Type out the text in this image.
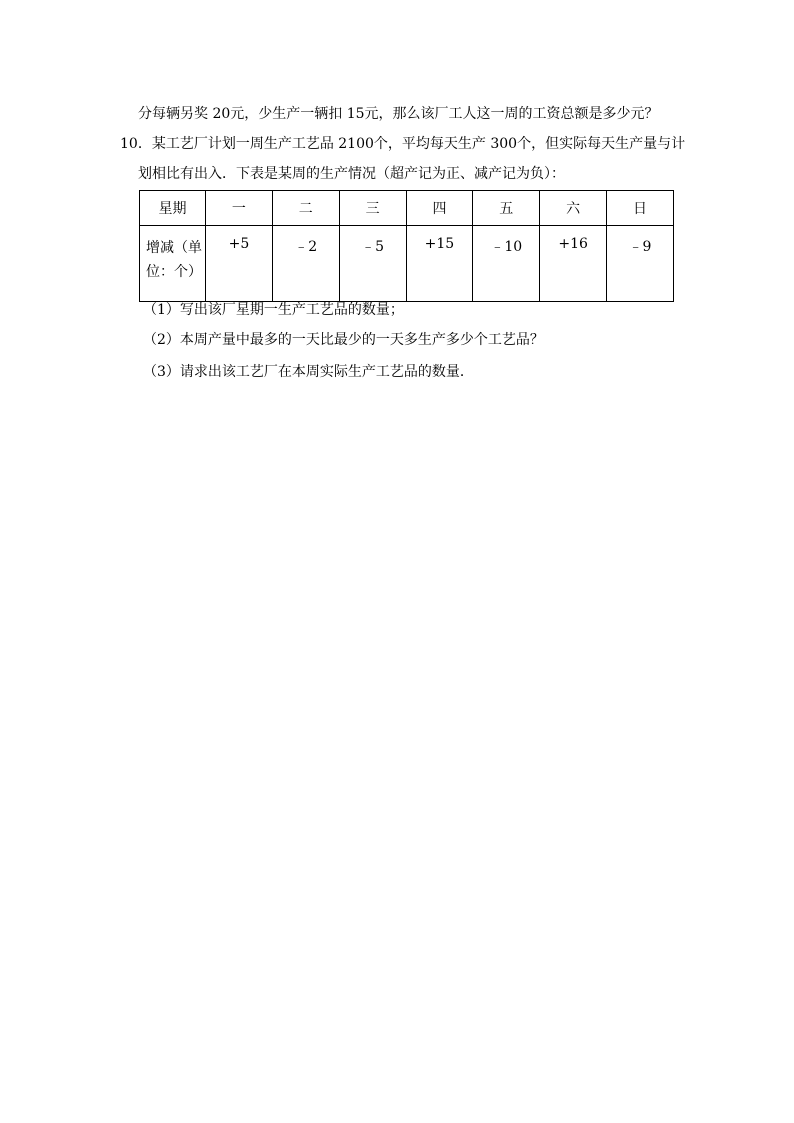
分每辆另奖 20元，少生产一辆扣 15元，那么该厂工人这一周的工资总额是多少元？
10．某工艺厂计划一周生产工艺品 2100个，平均每天生产 300个，但实际每天生产量与计
划相比有出入．下表是某周的生产情况（超产记为正、减产记为负）：
星期	一	二	三	四	五	六	日

增减（单
位：个）	+5	﹣2	﹣5	+15	﹣10	+16	﹣9
（1）写出该厂星期一生产工艺品的数量；
（2）本周产量中最多的一天比最少的一天多生产多少个工艺品？
（3）请求出该工艺厂在本周实际生产工艺品的数量．
